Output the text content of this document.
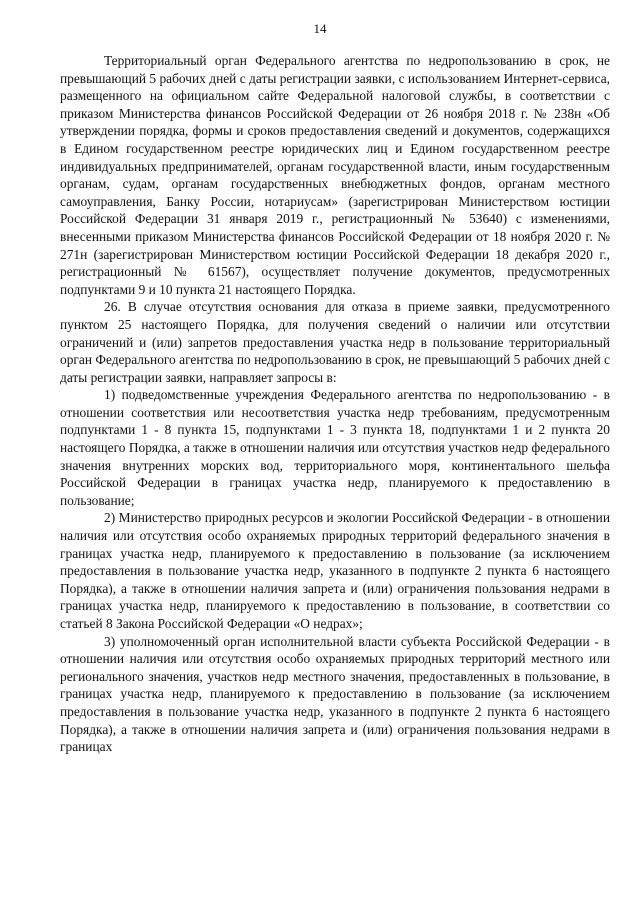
14

Территориальный орган Федерального агентства по недропользованию в срок, не превышающий 5 рабочих дней с даты регистрации заявки, с использованием Интернет-сервиса, размещенного на официальном сайте Федеральной налоговой службы, в соответствии с приказом Министерства финансов Российской Федерации от 26 ноября 2018 г. № 238н «Об утверждении порядка, формы и сроков предоставления сведений и документов, содержащихся в Едином государственном реестре юридических лиц и Едином государственном реестре индивидуальных предпринимателей, органам государственной власти, иным государственным органам, судам, органам государственных внебюджетных фондов, органам местного самоуправления, Банку России, нотариусам» (зарегистрирован Министерством юстиции Российской Федерации 31 января 2019 г., регистрационный № 53640) с изменениями, внесенными приказом Министерства финансов Российской Федерации от 18 ноября 2020 г. № 271н (зарегистрирован Министерством юстиции Российской Федерации 18 декабря 2020 г., регистрационный № 61567), осуществляет получение документов, предусмотренных подпунктами 9 и 10 пункта 21 настоящего Порядка.

26. В случае отсутствия основания для отказа в приеме заявки, предусмотренного пунктом 25 настоящего Порядка, для получения сведений о наличии или отсутствии ограничений и (или) запретов предоставления участка недр в пользование территориальный орган Федерального агентства по недропользованию в срок, не превышающий 5 рабочих дней с даты регистрации заявки, направляет запросы в:

1) подведомственные учреждения Федерального агентства по недропользованию - в отношении соответствия или несоответствия участка недр требованиям, предусмотренным подпунктами 1 - 8 пункта 15, подпунктами 1 - 3 пункта 18, подпунктами 1 и 2 пункта 20 настоящего Порядка, а также в отношении наличия или отсутствия участков недр федерального значения внутренних морских вод, территориального моря, континентального шельфа Российской Федерации в границах участка недр, планируемого к предоставлению в пользование;

2) Министерство природных ресурсов и экологии Российской Федерации - в отношении наличия или отсутствия особо охраняемых природных территорий федерального значения в границах участка недр, планируемого к предоставлению в пользование (за исключением предоставления в пользование участка недр, указанного в подпункте 2 пункта 6 настоящего Порядка), а также в отношении наличия запрета и (или) ограничения пользования недрами в границах участка недр, планируемого к предоставлению в пользование, в соответствии со статьей 8 Закона Российской Федерации «О недрах»;

3) уполномоченный орган исполнительной власти субъекта Российской Федерации - в отношении наличия или отсутствия особо охраняемых природных территорий местного или регионального значения, участков недр местного значения, предоставленных в пользование, в границах участка недр, планируемого к предоставлению в пользование (за исключением предоставления в пользование участка недр, указанного в подпункте 2 пункта 6 настоящего Порядка), а также в отношении наличия запрета и (или) ограничения пользования недрами в границах
